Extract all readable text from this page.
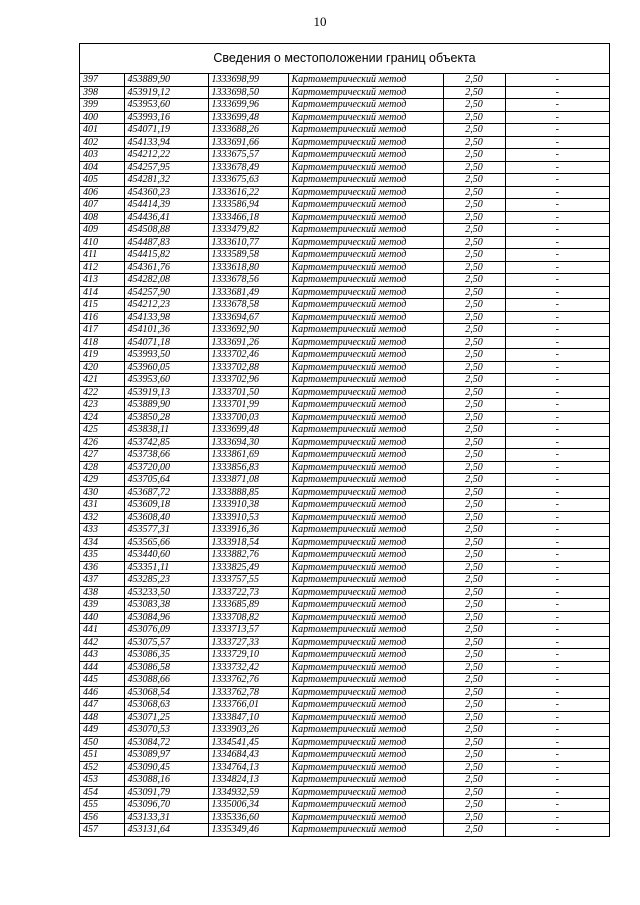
10
Сведения о местоположении границ объекта
397	453889,90	1333698,99	Картометрический метод	2,50	-
398	453919,12	1333698,50	Картометрический метод	2,50	-
399	453953,60	1333699,96	Картометрический метод	2,50	-
400	453993,16	1333699,48	Картометрический метод	2,50	-
401	454071,19	1333688,26	Картометрический метод	2,50	-
402	454133,94	1333691,66	Картометрический метод	2,50	-
403	454212,22	1333675,57	Картометрический метод	2,50	-
404	454257,95	1333678,49	Картометрический метод	2,50	-
405	454281,32	1333675,63	Картометрический метод	2,50	-
406	454360,23	1333616,22	Картометрический метод	2,50	-
407	454414,39	1333586,94	Картометрический метод	2,50	-
408	454436,41	1333466,18	Картометрический метод	2,50	-
409	454508,88	1333479,82	Картометрический метод	2,50	-
410	454487,83	1333610,77	Картометрический метод	2,50	-
411	454415,82	1333589,58	Картометрический метод	2,50	-
412	454361,76	1333618,80	Картометрический метод	2,50	-
413	454282,08	1333678,56	Картометрический метод	2,50	-
414	454257,90	1333681,49	Картометрический метод	2,50	-
415	454212,23	1333678,58	Картометрический метод	2,50	-
416	454133,98	1333694,67	Картометрический метод	2,50	-
417	454101,36	1333692,90	Картометрический метод	2,50	-
418	454071,18	1333691,26	Картометрический метод	2,50	-
419	453993,50	1333702,46	Картометрический метод	2,50	-
420	453960,05	1333702,88	Картометрический метод	2,50	-
421	453953,60	1333702,96	Картометрический метод	2,50	-
422	453919,13	1333701,50	Картометрический метод	2,50	-
423	453889,90	1333701,99	Картометрический метод	2,50	-
424	453850,28	1333700,03	Картометрический метод	2,50	-
425	453838,11	1333699,48	Картометрический метод	2,50	-
426	453742,85	1333694,30	Картометрический метод	2,50	-
427	453738,66	1333861,69	Картометрический метод	2,50	-
428	453720,00	1333856,83	Картометрический метод	2,50	-
429	453705,64	1333871,08	Картометрический метод	2,50	-
430	453687,72	1333888,85	Картометрический метод	2,50	-
431	453609,18	1333910,38	Картометрический метод	2,50	-
432	453608,40	1333910,53	Картометрический метод	2,50	-
433	453577,31	1333916,36	Картометрический метод	2,50	-
434	453565,66	1333918,54	Картометрический метод	2,50	-
435	453440,60	1333882,76	Картометрический метод	2,50	-
436	453351,11	1333825,49	Картометрический метод	2,50	-
437	453285,23	1333757,55	Картометрический метод	2,50	-
438	453233,50	1333722,73	Картометрический метод	2,50	-
439	453083,38	1333685,89	Картометрический метод	2,50	-
440	453084,96	1333708,82	Картометрический метод	2,50	-
441	453076,09	1333713,57	Картометрический метод	2,50	-
442	453075,57	1333727,33	Картометрический метод	2,50	-
443	453086,35	1333729,10	Картометрический метод	2,50	-
444	453086,58	1333732,42	Картометрический метод	2,50	-
445	453088,66	1333762,76	Картометрический метод	2,50	-
446	453068,54	1333762,78	Картометрический метод	2,50	-
447	453068,63	1333766,01	Картометрический метод	2,50	-
448	453071,25	1333847,10	Картометрический метод	2,50	-
449	453070,53	1333903,26	Картометрический метод	2,50	-
450	453084,72	1334541,45	Картометрический метод	2,50	-
451	453089,97	1334684,43	Картометрический метод	2,50	-
452	453090,45	1334764,13	Картометрический метод	2,50	-
453	453088,16	1334824,13	Картометрический метод	2,50	-
454	453091,79	1334932,59	Картометрический метод	2,50	-
455	453096,70	1335006,34	Картометрический метод	2,50	-
456	453133,31	1335336,60	Картометрический метод	2,50	-
457	453131,64	1335349,46	Картометрический метод	2,50	-
